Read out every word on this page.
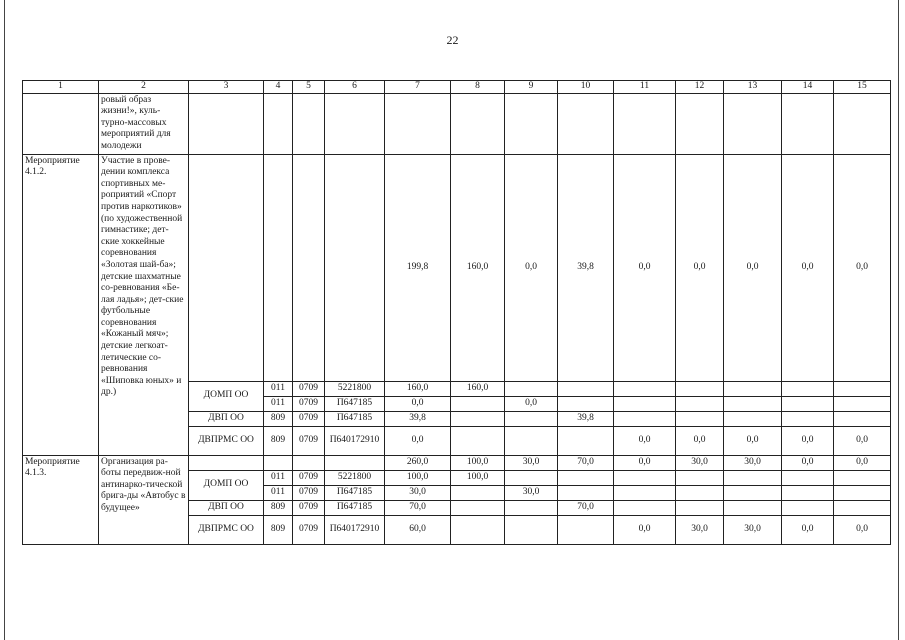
22
1	2	3	4	5	6	7	8	9	10	11	12	13	14	15
	ровый образ жизни!», куль-турно-массовых мероприятий для молодежи													
Мероприятие 4.1.2.	Участие в прове-дении комплекса спортивных ме-роприятий «Спорт против наркотиков» (по художественной гимнастике; дет-ские хоккейные соревнования «Золотая шай-ба»; детские шахматные со-ревнования «Бе-лая ладья»; дет-ские футбольные соревнования «Кожаный мяч»; детские легкоат-летические со-ревнования «Шиповка юных» и др.)					199,8	160,0	0,0	39,8	0,0	0,0	0,0	0,0	0,0
		ДОМП ОО	011	0709	5221800	160,0	160,0							
			011	0709	П647185	0,0		0,0						
		ДВП ОО	809	0709	П647185	39,8			39,8					
		ДВПРМС ОО	809	0709	П640172910	0,0				0,0	0,0	0,0	0,0	0,0
Мероприятие 4.1.3.	Организация ра-боты передвиж-ной антинарко-тической брига-ды «Автобус в будущее»					260,0	100,0	30,0	70,0	0,0	30,0	30,0	0,0	0,0
		ДОМП ОО	011	0709	5221800	100,0	100,0							
			011	0709	П647185	30,0		30,0						
		ДВП ОО	809	0709	П647185	70,0			70,0					
		ДВПРМС ОО	809	0709	П640172910	60,0				0,0	30,0	30,0	0,0	0,0
